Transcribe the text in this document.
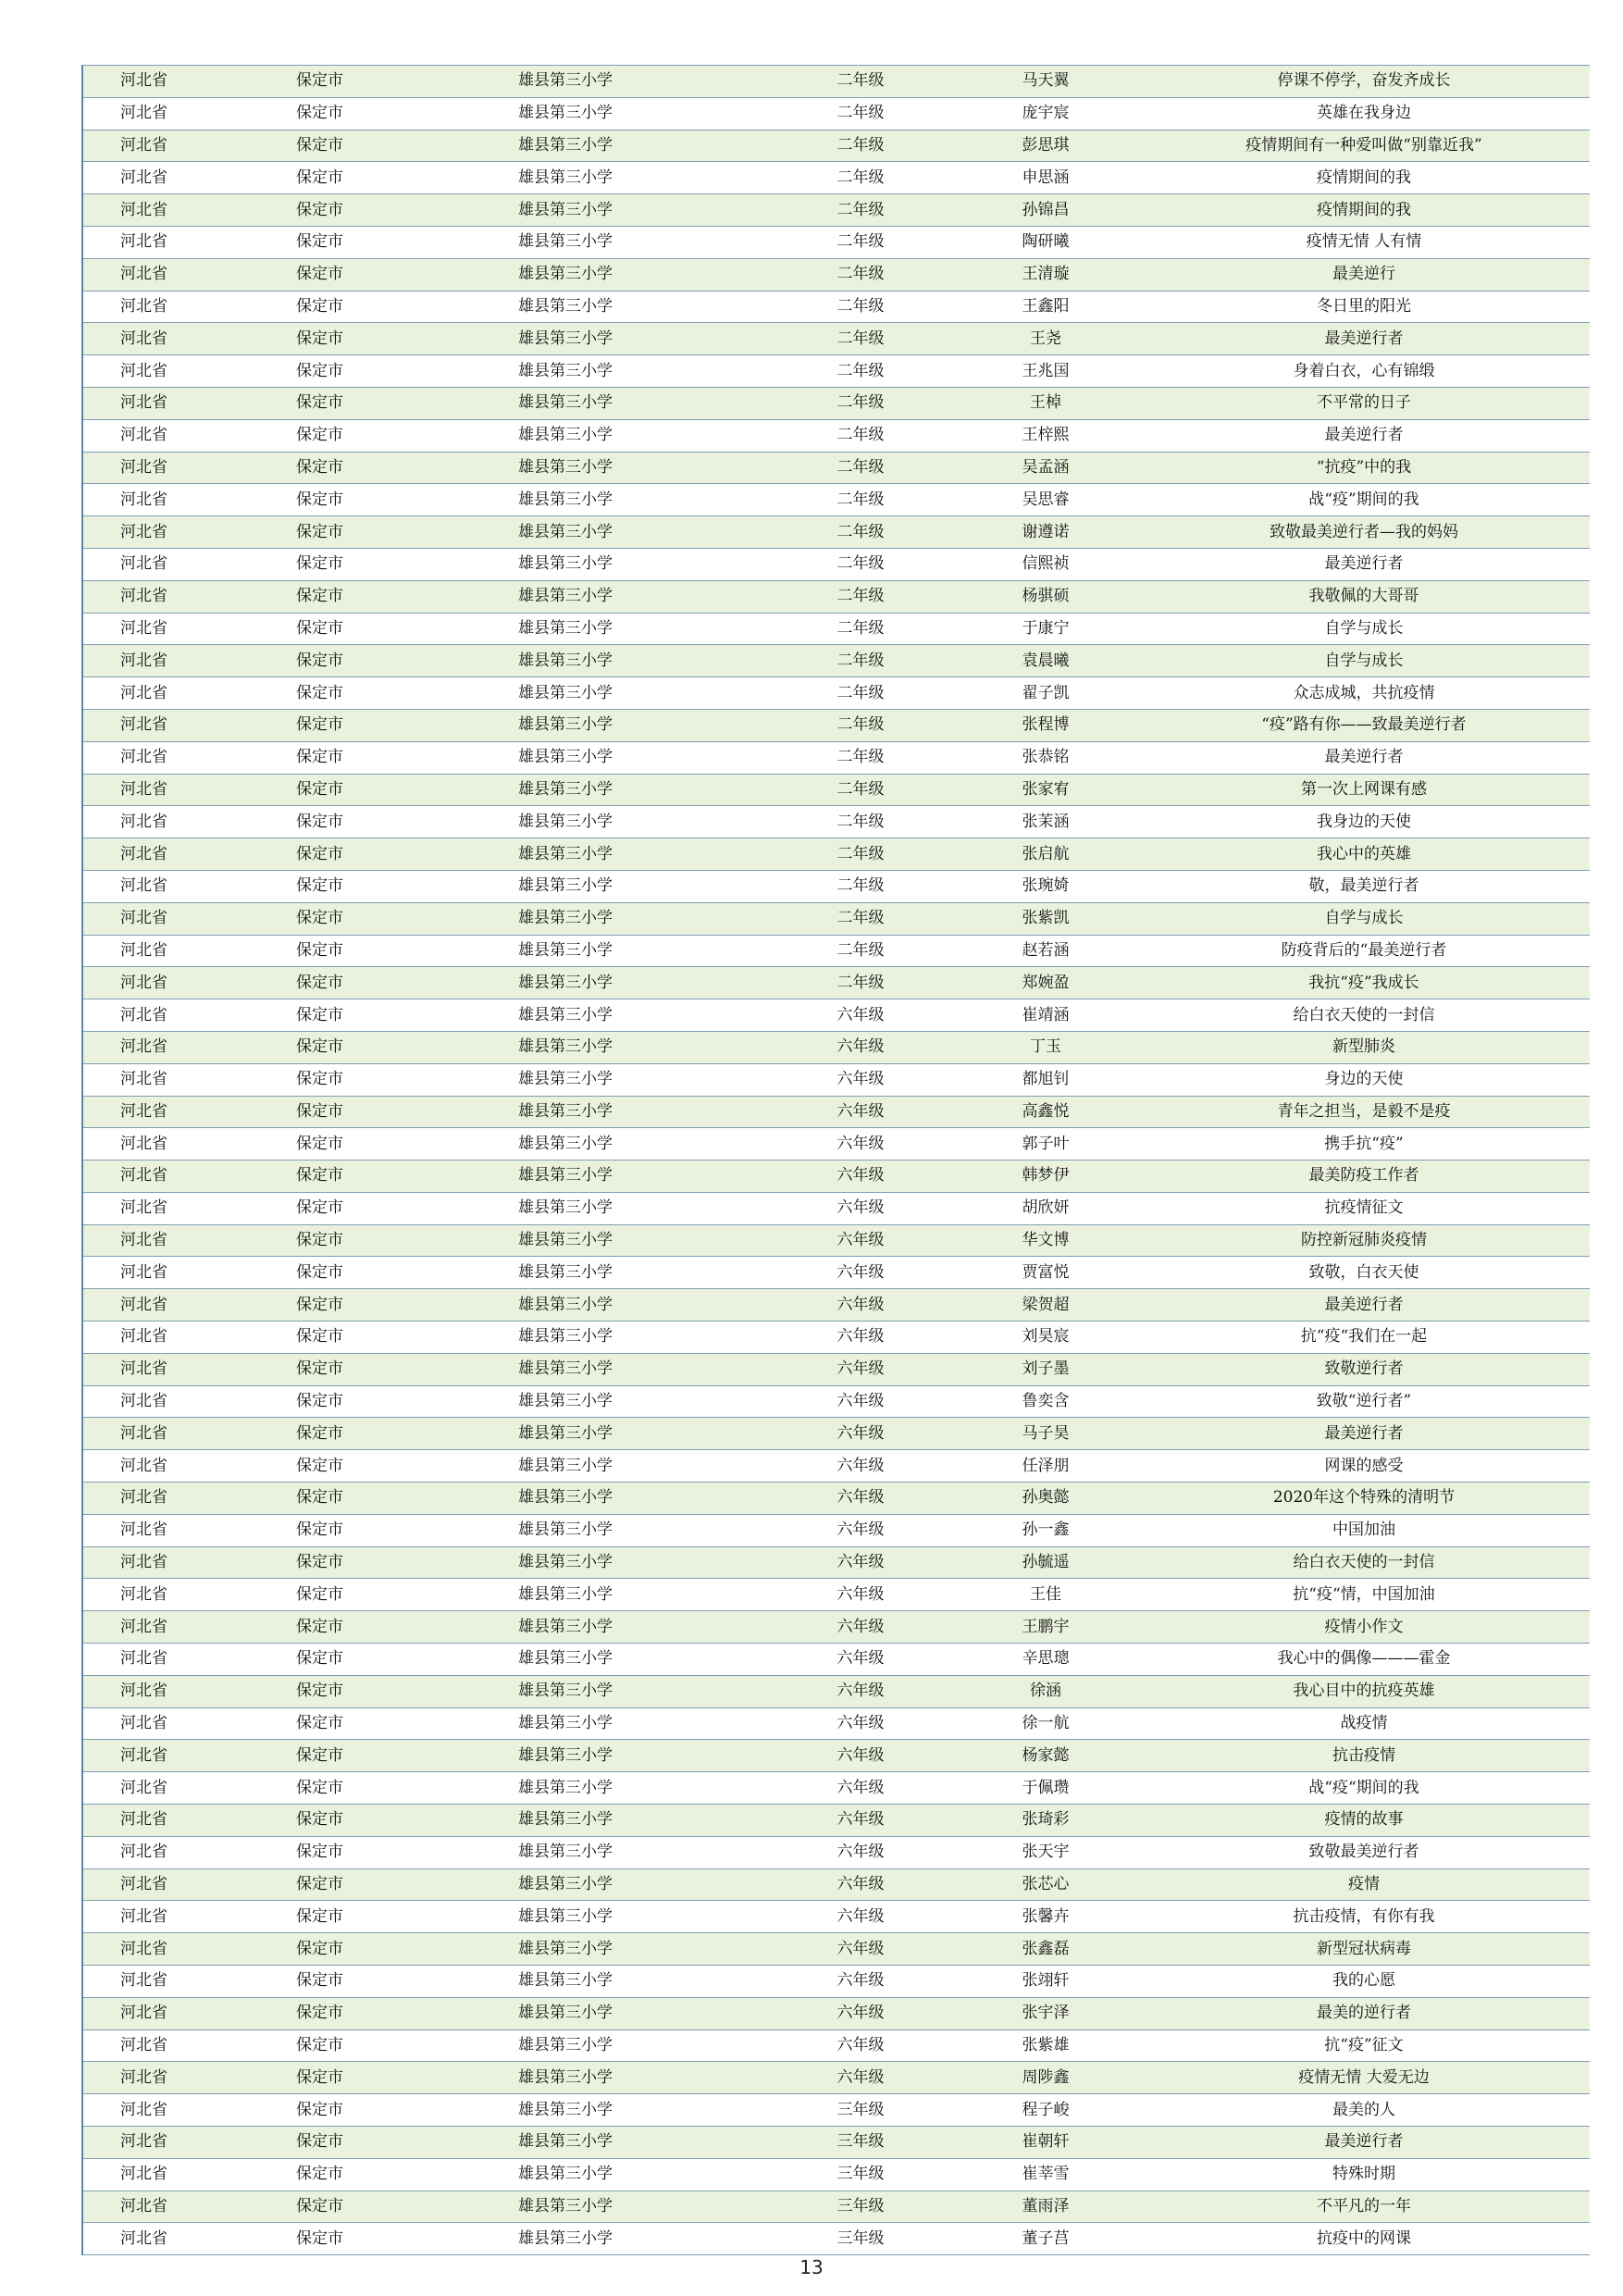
河北省	保定市	雄县第三小学	二年级	马天翼	停课不停学，奋发齐成长
河北省	保定市	雄县第三小学	二年级	庞宇宸	英雄在我身边
河北省	保定市	雄县第三小学	二年级	彭思琪	疫情期间有一种爱叫做“别靠近我”
河北省	保定市	雄县第三小学	二年级	申思涵	疫情期间的我
河北省	保定市	雄县第三小学	二年级	孙锦昌	疫情期间的我
河北省	保定市	雄县第三小学	二年级	陶研曦	疫情无情 人有情
河北省	保定市	雄县第三小学	二年级	王清璇	最美逆行
河北省	保定市	雄县第三小学	二年级	王鑫阳	冬日里的阳光
河北省	保定市	雄县第三小学	二年级	王尧	最美逆行者
河北省	保定市	雄县第三小学	二年级	王兆国	身着白衣，心有锦缎
河北省	保定市	雄县第三小学	二年级	王棹	不平常的日子
河北省	保定市	雄县第三小学	二年级	王梓熙	最美逆行者
河北省	保定市	雄县第三小学	二年级	吴孟涵	“抗疫”中的我
河北省	保定市	雄县第三小学	二年级	吴思睿	战“疫”期间的我
河北省	保定市	雄县第三小学	二年级	谢遵诺	致敬最美逆行者—我的妈妈
河北省	保定市	雄县第三小学	二年级	信熙祯	最美逆行者
河北省	保定市	雄县第三小学	二年级	杨骐硕	我敬佩的大哥哥
河北省	保定市	雄县第三小学	二年级	于康宁	自学与成长
河北省	保定市	雄县第三小学	二年级	袁晨曦	自学与成长
河北省	保定市	雄县第三小学	二年级	翟子凯	众志成城，共抗疫情
河北省	保定市	雄县第三小学	二年级	张程博	“疫”路有你——致最美逆行者
河北省	保定市	雄县第三小学	二年级	张恭铭	最美逆行者
河北省	保定市	雄县第三小学	二年级	张家宥	第一次上网课有感
河北省	保定市	雄县第三小学	二年级	张茉涵	我身边的天使
河北省	保定市	雄县第三小学	二年级	张启航	我心中的英雄
河北省	保定市	雄县第三小学	二年级	张琬婍	敬，最美逆行者
河北省	保定市	雄县第三小学	二年级	张紫凯	自学与成长
河北省	保定市	雄县第三小学	二年级	赵若涵	防疫背后的“最美逆行者
河北省	保定市	雄县第三小学	二年级	郑婉盈	我抗“疫”我成长
河北省	保定市	雄县第三小学	六年级	崔靖涵	给白衣天使的一封信
河北省	保定市	雄县第三小学	六年级	丁玉	新型肺炎
河北省	保定市	雄县第三小学	六年级	都旭钊	身边的天使
河北省	保定市	雄县第三小学	六年级	高鑫悦	青年之担当，是毅不是疫
河北省	保定市	雄县第三小学	六年级	郭子叶	携手抗“疫”
河北省	保定市	雄县第三小学	六年级	韩梦伊	最美防疫工作者
河北省	保定市	雄县第三小学	六年级	胡欣妍	抗疫情征文
河北省	保定市	雄县第三小学	六年级	华文博	防控新冠肺炎疫情
河北省	保定市	雄县第三小学	六年级	贾富悦	致敬，白衣天使
河北省	保定市	雄县第三小学	六年级	梁贺超	最美逆行者
河北省	保定市	雄县第三小学	六年级	刘昊宸	抗“疫“我们在一起
河北省	保定市	雄县第三小学	六年级	刘子墨	致敬逆行者
河北省	保定市	雄县第三小学	六年级	鲁奕含	致敬“逆行者”
河北省	保定市	雄县第三小学	六年级	马子昊	最美逆行者
河北省	保定市	雄县第三小学	六年级	任泽朋	网课的感受
河北省	保定市	雄县第三小学	六年级	孙奥懿	2020年这个特殊的清明节
河北省	保定市	雄县第三小学	六年级	孙一鑫	中国加油
河北省	保定市	雄县第三小学	六年级	孙毓遥	给白衣天使的一封信
河北省	保定市	雄县第三小学	六年级	王佳	抗“疫“情，中国加油
河北省	保定市	雄县第三小学	六年级	王鹏宇	疫情小作文
河北省	保定市	雄县第三小学	六年级	辛思璁	我心中的偶像———霍金
河北省	保定市	雄县第三小学	六年级	徐涵	我心目中的抗疫英雄
河北省	保定市	雄县第三小学	六年级	徐一航	战疫情
河北省	保定市	雄县第三小学	六年级	杨家懿	抗击疫情
河北省	保定市	雄县第三小学	六年级	于佩瓒	战“疫“期间的我
河北省	保定市	雄县第三小学	六年级	张琦彩	疫情的故事
河北省	保定市	雄县第三小学	六年级	张天宇	致敬最美逆行者
河北省	保定市	雄县第三小学	六年级	张芯心	疫情
河北省	保定市	雄县第三小学	六年级	张馨卉	抗击疫情，有你有我
河北省	保定市	雄县第三小学	六年级	张鑫磊	新型冠状病毒
河北省	保定市	雄县第三小学	六年级	张翊轩	我的心愿
河北省	保定市	雄县第三小学	六年级	张宇泽	最美的逆行者
河北省	保定市	雄县第三小学	六年级	张紫雄	抗“疫”征文
河北省	保定市	雄县第三小学	六年级	周陟鑫	疫情无情 大爱无边
河北省	保定市	雄县第三小学	三年级	程子峻	最美的人
河北省	保定市	雄县第三小学	三年级	崔朝轩	最美逆行者
河北省	保定市	雄县第三小学	三年级	崔莘雪	特殊时期
河北省	保定市	雄县第三小学	三年级	董雨泽	不平凡的一年
河北省	保定市	雄县第三小学	三年级	董子莒	抗疫中的网课
13
